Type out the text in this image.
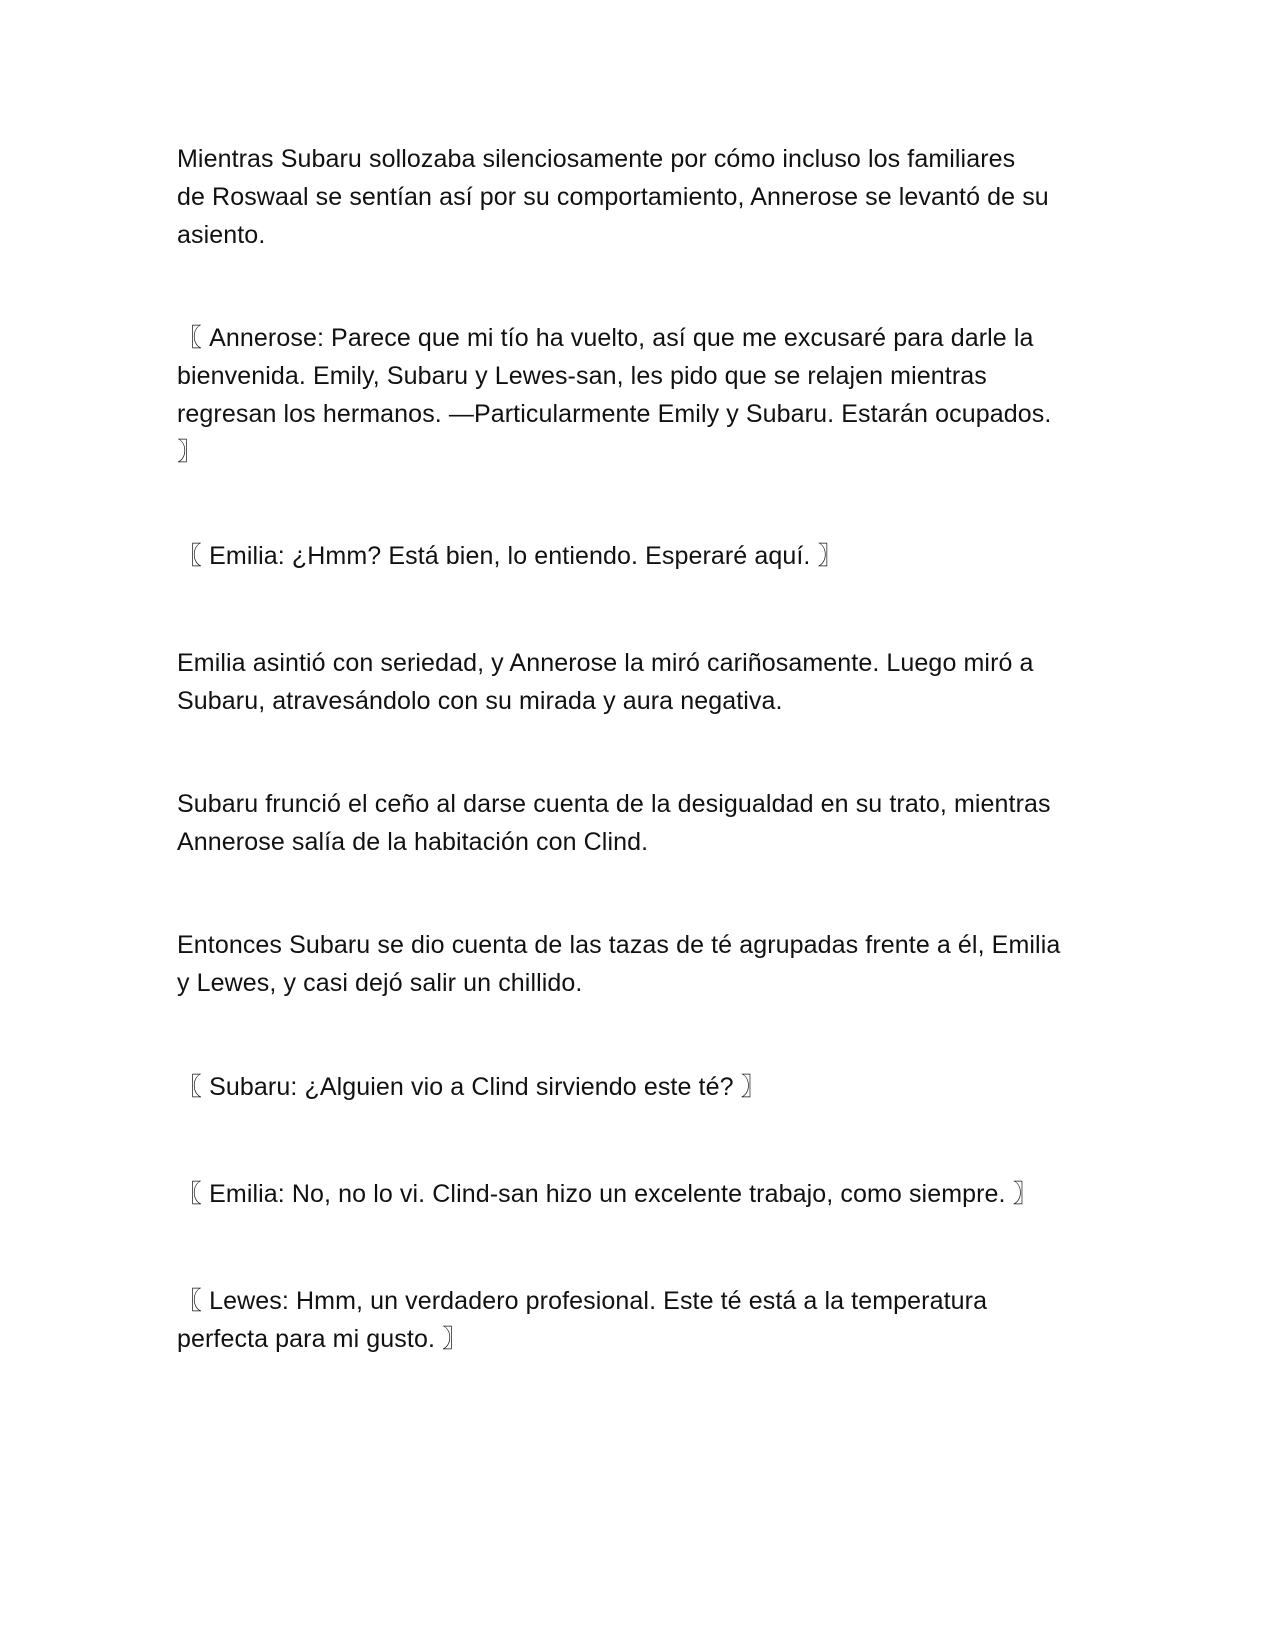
Mientras Subaru sollozaba silenciosamente por cómo incluso los familiares
de Roswaal se sentían así por su comportamiento, Annerose se levantó de su
asiento.

〖 Annerose: Parece que mi tío ha vuelto, así que me excusaré para darle la
bienvenida. Emily, Subaru y Lewes-san, les pido que se relajen mientras
regresan los hermanos. —Particularmente Emily y Subaru. Estarán ocupados.
〗

〖 Emilia: ¿Hmm? Está bien, lo entiendo. Esperaré aquí. 〗

Emilia asintió con seriedad, y Annerose la miró cariñosamente. Luego miró a
Subaru, atravesándolo con su mirada y aura negativa.

Subaru frunció el ceño al darse cuenta de la desigualdad en su trato, mientras
Annerose salía de la habitación con Clind.

Entonces Subaru se dio cuenta de las tazas de té agrupadas frente a él, Emilia
y Lewes, y casi dejó salir un chillido.

〖 Subaru: ¿Alguien vio a Clind sirviendo este té? 〗

〖 Emilia: No, no lo vi. Clind-san hizo un excelente trabajo, como siempre. 〗

〖 Lewes: Hmm, un verdadero profesional. Este té está a la temperatura
perfecta para mi gusto. 〗
